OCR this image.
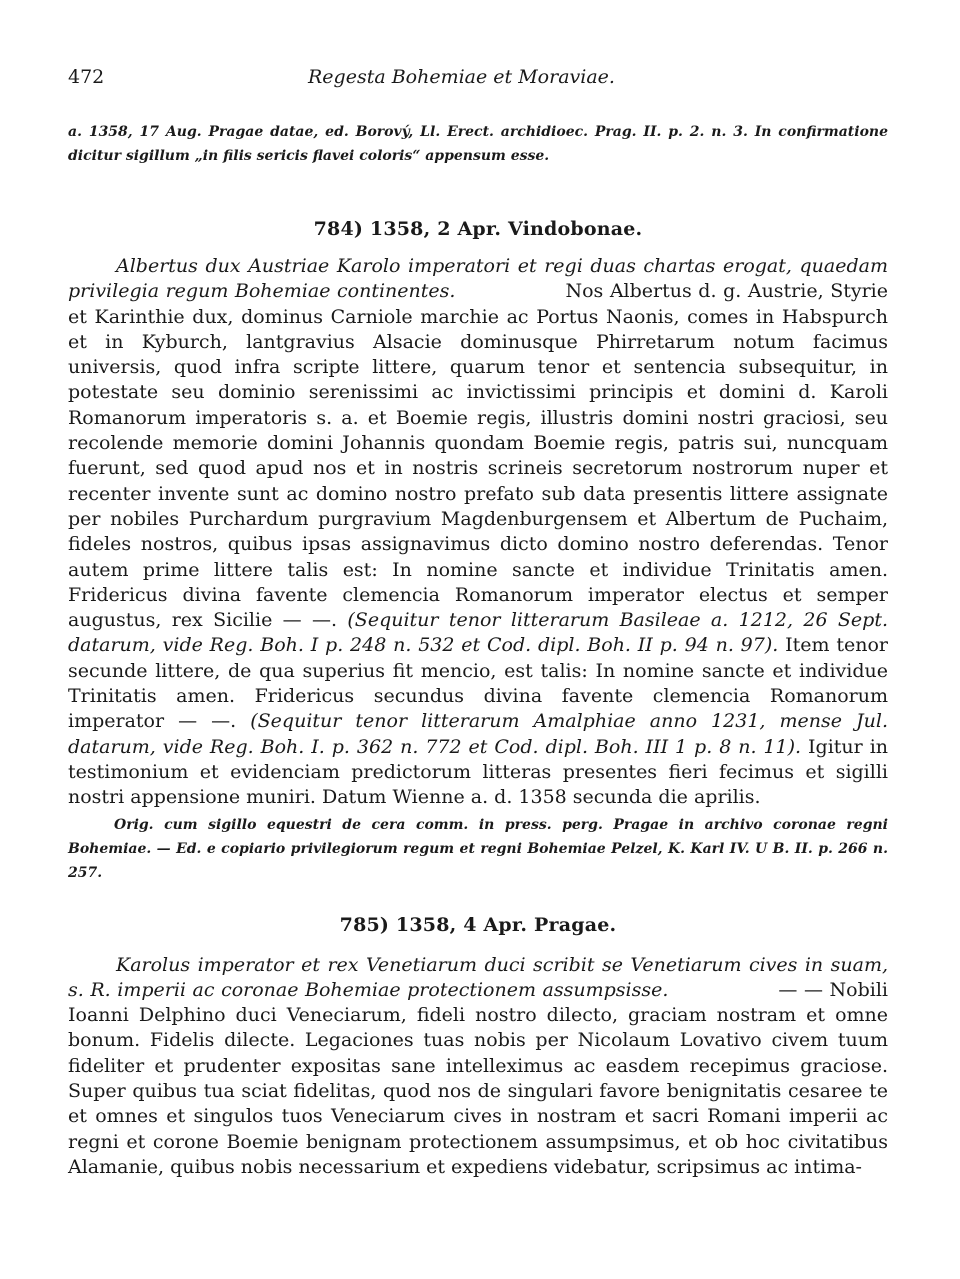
472	Regesta Bohemiae et Moraviae.

a. 1358, 17 Aug. Pragae datae, ed. Borový, Ll. Erect. archidioec. Prag. II. p. 2. n. 3. In confirmatione dicitur sigillum „in filis sericis flavei coloris“ appensum esse.

784) 1358, 2 Apr. Vindobonae.

Albertus dux Austriae Karolo imperatori et regi duas chartas erogat, quaedam privilegia regum Bohemiae continentes.	Nos Albertus d. g. Austrie, Styrie et Karinthie dux, dominus Carniole marchie ac Portus Naonis, comes in Habspurch et in Kyburch, lantgravius Alsacie dominusque Phirretarum notum facimus universis, quod infra scripte littere, quarum tenor et sentencia subsequitur, in potestate seu dominio serenissimi ac invictissimi principis et domini d. Karoli Romanorum imperatoris s. a. et Boemie regis, illustris domini nostri graciosi, seu recolende memorie domini Johannis quondam Boemie regis, patris sui, nuncquam fuerunt, sed quod apud nos et in nostris scrineis secretorum nostrorum nuper et recenter invente sunt ac domino nostro prefato sub data presentis littere assignate per nobiles Purchardum purgravium Magdenburgensem et Albertum de Puchaim, fideles nostros, quibus ipsas assignavimus dicto domino nostro deferendas. Tenor autem prime littere talis est: In nomine sancte et individue Trinitatis amen. Fridericus divina favente clemencia Romanorum imperator electus et semper augustus, rex Sicilie — —. (Sequitur tenor litterarum Basileae a. 1212, 26 Sept. datarum, vide Reg. Boh. I p. 248 n. 532 et Cod. dipl. Boh. II p. 94 n. 97). Item tenor secunde littere, de qua superius fit mencio, est talis: In nomine sancte et individue Trinitatis amen. Fridericus secundus divina favente clemencia Romanorum imperator — —. (Sequitur tenor litterarum Amalphiae anno 1231, mense Jul. datarum, vide Reg. Boh. I. p. 362 n. 772 et Cod. dipl. Boh. III 1 p. 8 n. 11). Igitur in testimonium et evidenciam predictorum litteras presentes fieri fecimus et sigilli nostri appensione muniri. Datum Wienne a. d. 1358 secunda die aprilis.

Orig. cum sigillo equestri de cera comm. in press. perg. Pragae in archivo coronae regni Bohemiae. — Ed. e copiario privilegiorum regum et regni Bohemiae Pelzel, K. Karl IV. U B. II. p. 266 n. 257.

785) 1358, 4 Apr. Pragae.

Karolus imperator et rex Venetiarum duci scribit se Venetiarum cives in suam, s. R. imperii ac coronae Bohemiae protectionem assumpsisse.	— — Nobili Ioanni Delphino duci Veneciarum, fideli nostro dilecto, graciam nostram et omne bonum. Fidelis dilecte. Legaciones tuas nobis per Nicolaum Lovativo civem tuum fideliter et prudenter expositas sane intelleximus ac easdem recepimus graciose. Super quibus tua sciat fidelitas, quod nos de singulari favore benignitatis cesaree te et omnes et singulos tuos Veneciarum cives in nostram et sacri Romani imperii ac regni et corone Boemie benignam protectionem assumpsimus, et ob hoc civitatibus Alamanie, quibus nobis necessarium et expediens videbatur, scripsimus ac intima-
